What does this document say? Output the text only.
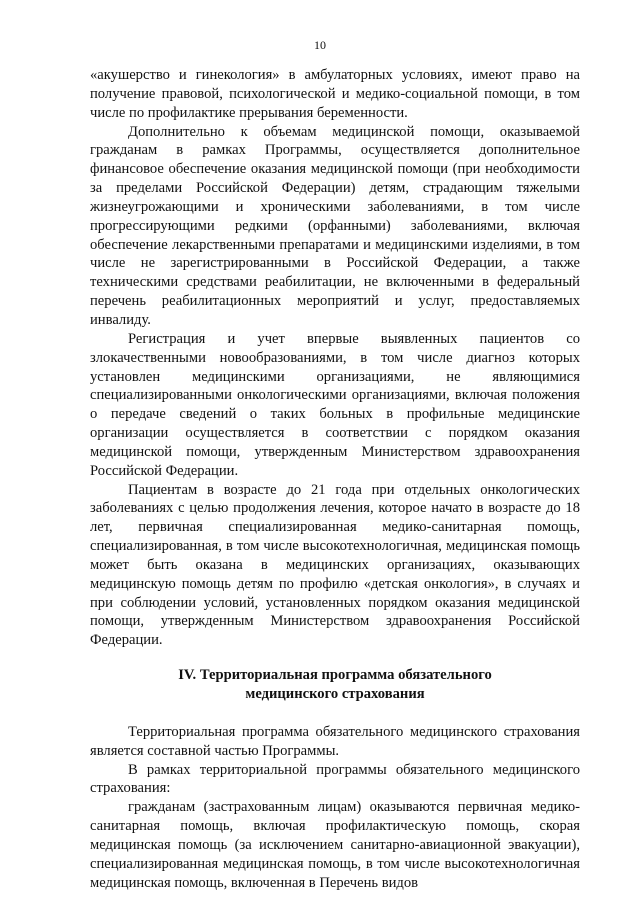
10

«акушерство и гинекология» в амбулаторных условиях, имеют право на получение правовой, психологической и медико-социальной помощи, в том числе по профилактике прерывания беременности.

Дополнительно к объемам медицинской помощи, оказываемой гражданам в рамках Программы, осуществляется дополнительное финансовое обеспечение оказания медицинской помощи (при необходимости за пределами Российской Федерации) детям, страдающим тяжелыми жизнеугрожающими и хроническими заболеваниями, в том числе прогрессирующими редкими (орфанными) заболеваниями, включая обеспечение лекарственными препаратами и медицинскими изделиями, в том числе не зарегистрированными в Российской Федерации, а также техническими средствами реабилитации, не включенными в федеральный перечень реабилитационных мероприятий и услуг, предоставляемых инвалиду.

Регистрация и учет впервые выявленных пациентов со злокачественными новообразованиями, в том числе диагноз которых установлен медицинскими организациями, не являющимися специализированными онкологическими организациями, включая положения о передаче сведений о таких больных в профильные медицинские организации осуществляется в соответствии с порядком оказания медицинской помощи, утвержденным Министерством здравоохранения Российской Федерации.

Пациентам в возрасте до 21 года при отдельных онкологических заболеваниях с целью продолжения лечения, которое начато в возрасте до 18 лет, первичная специализированная медико-санитарная помощь, специализированная, в том числе высокотехнологичная, медицинская помощь может быть оказана в медицинских организациях, оказывающих медицинскую помощь детям по профилю «детская онкология», в случаях и при соблюдении условий, установленных порядком оказания медицинской помощи, утвержденным Министерством здравоохранения Российской Федерации.

IV. Территориальная программа обязательного
медицинского страхования

Территориальная программа обязательного медицинского страхования является составной частью Программы.

В рамках территориальной программы обязательного медицинского страхования:

гражданам (застрахованным лицам) оказываются первичная медико-санитарная помощь, включая профилактическую помощь, скорая медицинская помощь (за исключением санитарно-авиационной эвакуации), специализированная медицинская помощь, в том числе высокотехнологичная медицинская помощь, включенная в Перечень видов
